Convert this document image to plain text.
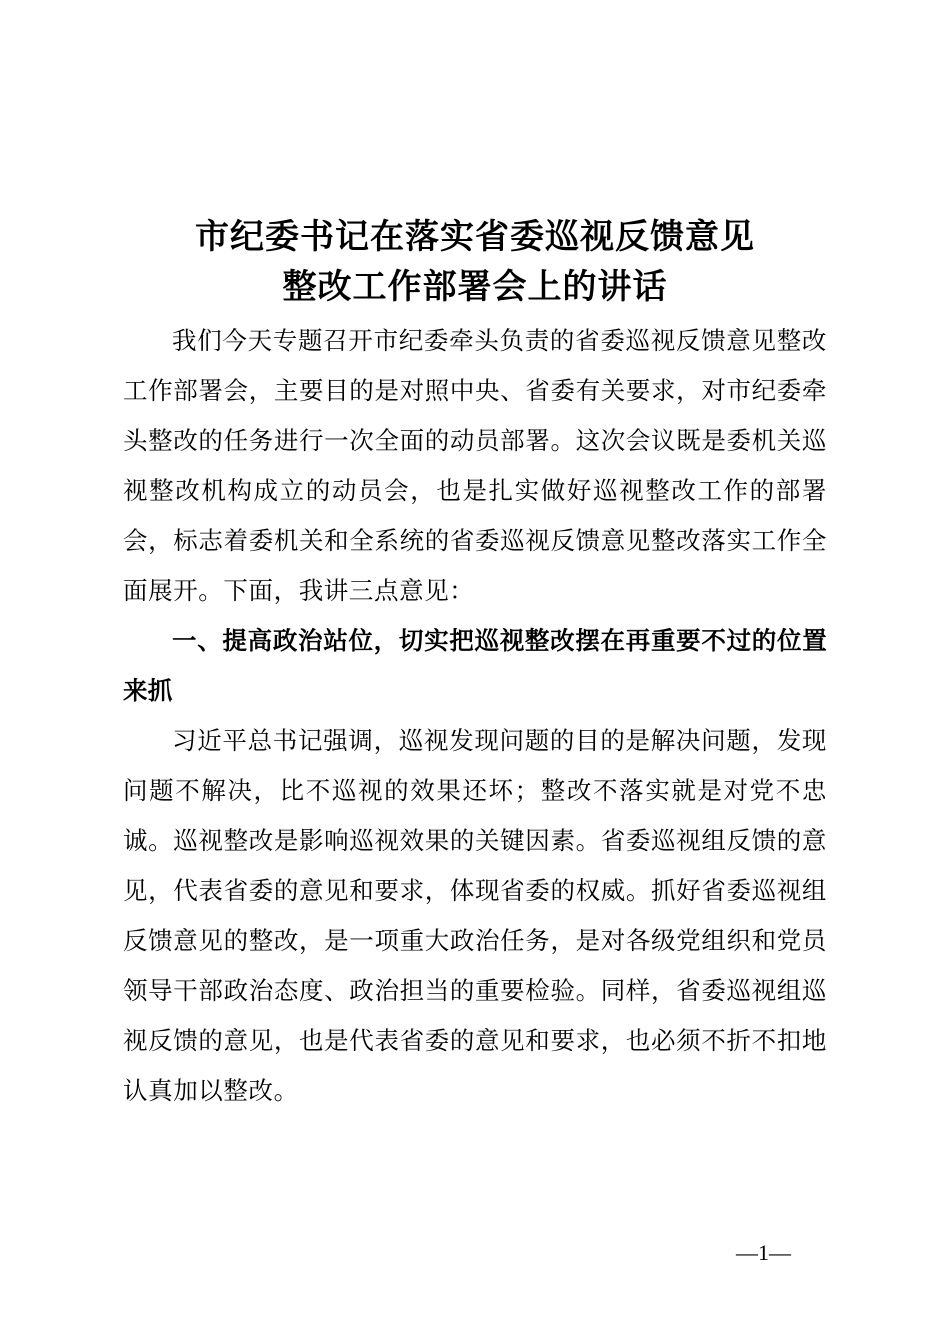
市纪委书记在落实省委巡视反馈意见
整改工作部署会上的讲话

我们今天专题召开市纪委牵头负责的省委巡视反馈意见整改工作部署会，主要目的是对照中央、省委有关要求，对市纪委牵头整改的任务进行一次全面的动员部署。这次会议既是委机关巡视整改机构成立的动员会，也是扎实做好巡视整改工作的部署会，标志着委机关和全系统的省委巡视反馈意见整改落实工作全面展开。下面，我讲三点意见：

一、提高政治站位，切实把巡视整改摆在再重要不过的位置来抓

习近平总书记强调，巡视发现问题的目的是解决问题，发现问题不解决，比不巡视的效果还坏；整改不落实就是对党不忠诚。巡视整改是影响巡视效果的关键因素。省委巡视组反馈的意见，代表省委的意见和要求，体现省委的权威。抓好省委巡视组反馈意见的整改，是一项重大政治任务，是对各级党组织和党员领导干部政治态度、政治担当的重要检验。同样，省委巡视组巡视反馈的意见，也是代表省委的意见和要求，也必须不折不扣地认真加以整改。

—1—
